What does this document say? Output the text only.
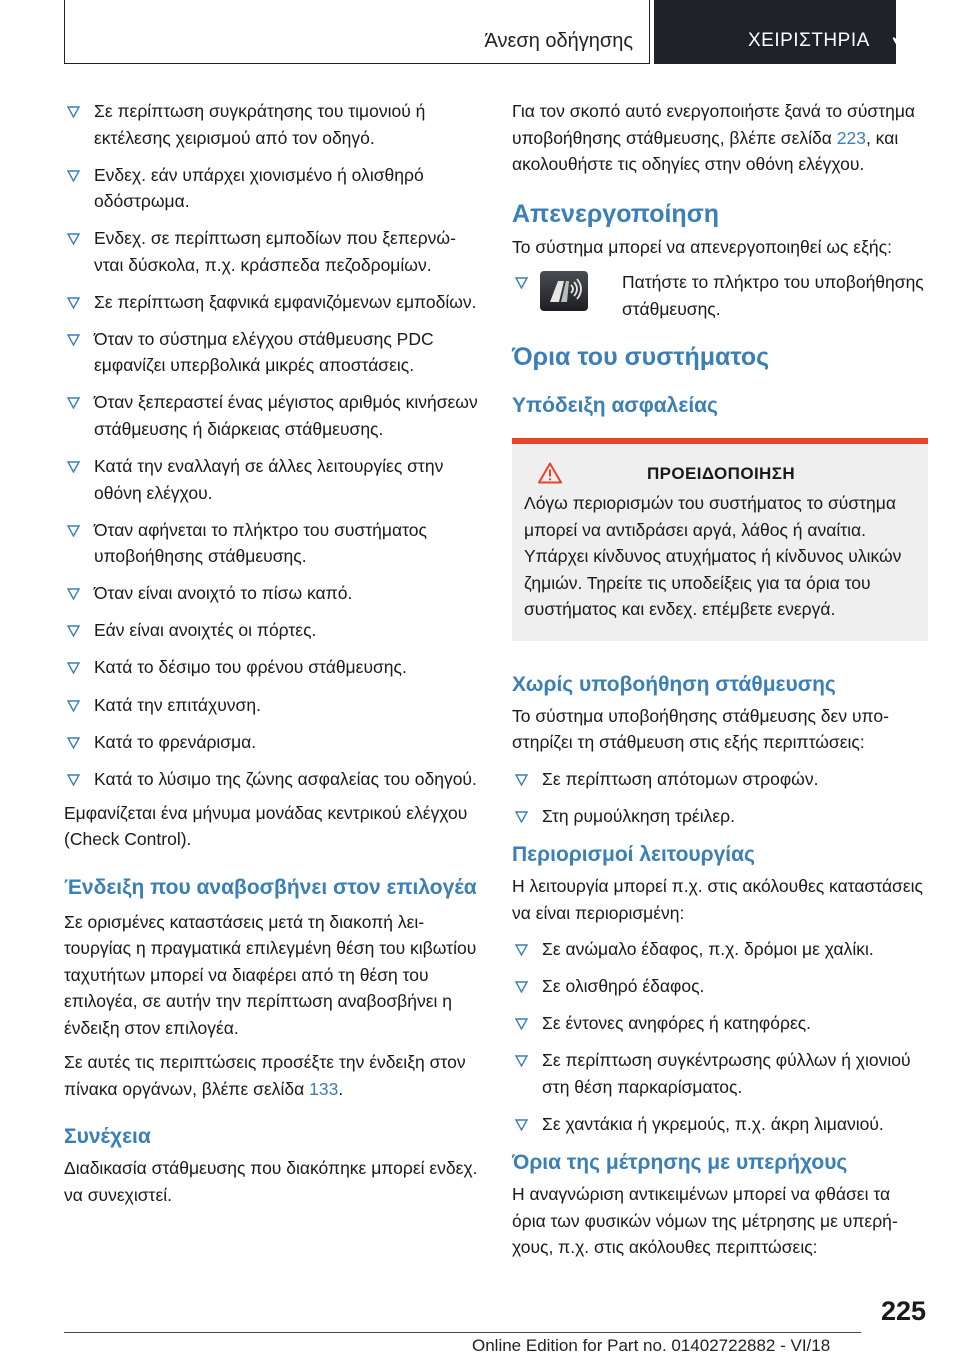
Άνεση οδήγησης	ΧΕΙΡΙΣΤΗΡΙΑ
Σε περίπτωση συγκράτησης του τιμονιού ή εκτέλεσης χειρισμού από τον οδηγό.
Ενδεχ. εάν υπάρχει χιονισμένο ή ολισθηρό οδόστρωμα.
Ενδεχ. σε περίπτωση εμποδίων που ξεπερνώνται δύσκολα, π.χ. κράσπεδα πεζοδρομίων.
Σε περίπτωση ξαφνικά εμφανιζόμενων εμποδίων.
Όταν το σύστημα ελέγχου στάθμευσης PDC εμφανίζει υπερβολικά μικρές αποστάσεις.
Όταν ξεπεραστεί ένας μέγιστος αριθμός κινήσεων στάθμευσης ή διάρκειας στάθμευσης.
Κατά την εναλλαγή σε άλλες λειτουργίες στην οθόνη ελέγχου.
Όταν αφήνεται το πλήκτρο του συστήματος υποβοήθησης στάθμευσης.
Όταν είναι ανοιχτό το πίσω καπό.
Εάν είναι ανοιχτές οι πόρτες.
Κατά το δέσιμο του φρένου στάθμευσης.
Κατά την επιτάχυνση.
Κατά το φρενάρισμα.
Κατά το λύσιμο της ζώνης ασφαλείας του οδηγού.

Εμφανίζεται ένα μήνυμα μονάδας κεντρικού ελέγχου (Check Control).

Ένδειξη που αναβοσβήνει στον επιλογέα

Σε ορισμένες καταστάσεις μετά τη διακοπή λειτουργίας η πραγματικά επιλεγμένη θέση του κιβωτίου ταχυτήτων μπορεί να διαφέρει από τη θέση του επιλογέα, σε αυτήν την περίπτωση αναβοσβήνει η ένδειξη στον επιλογέα.

Σε αυτές τις περιπτώσεις προσέξτε την ένδειξη στον πίνακα οργάνων, βλέπε σελίδα 133.

Συνέχεια

Διαδικασία στάθμευσης που διακόπηκε μπορεί ενδεχ. να συνεχιστεί.

Για τον σκοπό αυτό ενεργοποιήστε ξανά το σύστημα υποβοήθησης στάθμευσης, βλέπε σελίδα 223, και ακολουθήστε τις οδηγίες στην οθόνη ελέγχου.

Απενεργοποίηση

Το σύστημα μπορεί να απενεργοποιηθεί ως εξής:

Πατήστε το πλήκτρο του υποβοήθησης στάθμευσης.
Όρια του συστήματος
Υπόδειξη ασφαλείας
ΠΡΟΕΙΔΟΠΟΙΗΣΗ

Λόγω περιορισμών του συστήματος το σύστημα μπορεί να αντιδράσει αργά, λάθος ή αναίτια. Υπάρχει κίνδυνος ατυχήματος ή κίνδυνος υλικών ζημιών. Τηρείτε τις υποδείξεις για τα όρια του συστήματος και ενδεχ. επέμβετε ενεργά.

Χωρίς υποβοήθηση στάθμευσης

Το σύστημα υποβοήθησης στάθμευσης δεν υποστηρίζει τη στάθμευση στις εξής περιπτώσεις:

Σε περίπτωση απότομων στροφών.
Στη ρυμούλκηση τρέιλερ.
Περιορισμοί λειτουργίας

Η λειτουργία μπορεί π.χ. στις ακόλουθες καταστάσεις να είναι περιορισμένη:

Σε ανώμαλο έδαφος, π.χ. δρόμοι με χαλίκι.
Σε ολισθηρό έδαφος.
Σε έντονες ανηφόρες ή κατηφόρες.
Σε περίπτωση συγκέντρωσης φύλλων ή χιονιού στη θέση παρκαρίσματος.
Σε χαντάκια ή γκρεμούς, π.χ. άκρη λιμανιού.
Όρια της μέτρησης με υπερήχους

Η αναγνώριση αντικειμένων μπορεί να φθάσει τα όρια των φυσικών νόμων της μέτρησης με υπερήχους, π.χ. στις ακόλουθες περιπτώσεις:

225
Online Edition for Part no. 01402722882 - VI/18
